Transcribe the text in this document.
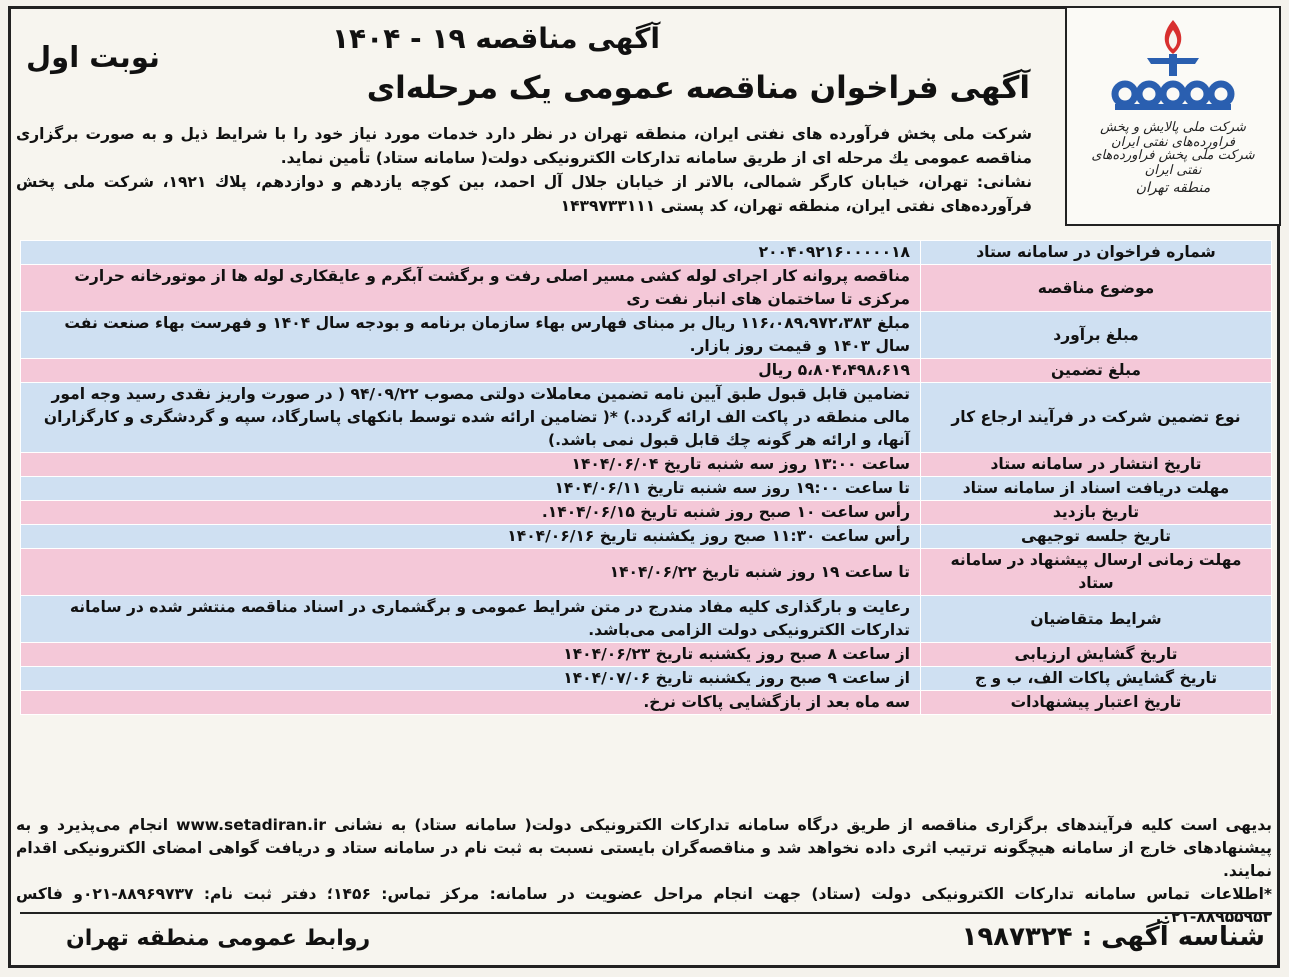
شرکت ملی پالایش و پخش فراورده‌های نفتی ایران
شرکت ملی پخش فراورده‌های نفتی ایران
منطقه تهران
آگهی مناقصه ۱۹ - ۱۴۰۴
آگهی فراخوان مناقصه عمومی یک مرحله‌ای
نوبت اول
شرکت ملی پخش فرآورده های نفتی ایران، منطقه تهران در نظر دارد خدمات مورد نیاز خود را با شرایط ذیل و به صورت برگزاری مناقصه عمومی يك مرحله ای از طریق سامانه تدارکات الکترونیکی دولت( سامانه ستاد) تأمین نماید.
نشانی: تهران، خیابان کارگر شمالی، بالاتر از خیابان جلال آل احمد، بین کوچه یازدهم و دوازدهم، پلاك ۱۹۲۱، شرکت ملی پخش فرآورده‌های نفتی ایران، منطقه تهران، کد پستی ۱۴۳۹۷۳۳۱۱۱
شماره فراخوان در سامانه ستاد	۲۰۰۴۰۹۲۱۶۰۰۰۰۰۱۸
موضوع مناقصه	مناقصه پروانه کار اجرای لوله کشی مسیر اصلی رفت و برگشت آبگرم و عایقکاری لوله ها از موتورخانه حرارت مرکزی تا ساختمان های انبار نفت ری
مبلغ برآورد	مبلغ ۱۱۶،۰۸۹،۹۷۲،۳۸۳ ریال بر مبنای فهارس بهاء سازمان برنامه و بودجه سال ۱۴۰۴ و فهرست بهاء صنعت نفت سال ۱۴۰۳ و قیمت روز بازار.
مبلغ تضمین	۵،۸۰۴،۴۹۸،۶۱۹ ریال
نوع تضمین شرکت در فرآیند ارجاع کار	تضامین قابل قبول طبق آیین نامه تضمین معاملات دولتی مصوب ۹۴/۰۹/۲۲ ( در صورت واریز نقدی رسید وجه امور مالی منطقه در پاکت الف ارائه گردد.) *( تضامین ارائه شده توسط بانکهای پاسارگاد، سپه و گردشگری و کارگزاران آنها، و ارائه هر گونه چك قابل قبول نمی باشد.)
تاریخ انتشار در سامانه ستاد	ساعت ۱۳:۰۰ روز سه شنبه تاریخ ۱۴۰۴/۰۶/۰۴
مهلت دریافت اسناد از سامانه ستاد	تا ساعت ۱۹:۰۰ روز سه شنبه تاریخ ۱۴۰۴/۰۶/۱۱
تاریخ بازدید	رأس ساعت ۱۰ صبح روز شنبه تاریخ ۱۴۰۴/۰۶/۱۵.
تاریخ جلسه توجیهی	رأس ساعت ۱۱:۳۰ صبح روز یکشنبه تاریخ ۱۴۰۴/۰۶/۱۶
مهلت زمانی ارسال پیشنهاد در سامانه ستاد	تا ساعت ۱۹ روز شنبه تاریخ ۱۴۰۴/۰۶/۲۲
شرایط متقاضیان	رعایت و بارگذاری کلیه مفاد مندرج در متن شرایط عمومی و برگشماری در اسناد مناقصه منتشر شده در سامانه تدارکات الکترونیکی دولت الزامی می‌باشد.
تاریخ گشایش ارزیابی	از ساعت ۸ صبح روز یکشنبه تاریخ ۱۴۰۴/۰۶/۲۳
تاریخ گشایش پاکات الف، ب و ج	از ساعت ۹ صبح روز یکشنبه تاریخ ۱۴۰۴/۰۷/۰۶
تاریخ اعتبار پیشنهادات	سه ماه بعد از بازگشایی پاکات نرخ.
بدیهی است کلیه فرآیندهای برگزاری مناقصه از طریق درگاه سامانه تدارکات الکترونیکی دولت( سامانه ستاد) به نشانی www.setadiran.ir انجام می‌پذیرد و به پیشنهادهای خارج از سامانه هیچگونه ترتیب اثری داده نخواهد شد و مناقصه‌گران بایستی نسبت به ثبت نام در سامانه ستاد و دریافت گواهی امضای الکترونیکی اقدام نمایند.
*اطلاعات تماس سامانه تدارکات الکترونیکی دولت (ستاد) جهت انجام مراحل عضویت در سامانه: مرکز تماس: ۱۴۵۶؛ دفتر ثبت نام: ۸۸۹۶۹۷۳۷-۰۲۱و فاکس ۸۸۹۵۵۹۵۳-۰۲۱.
شناسه آگهی : ۱۹۸۷۳۲۴
روابط عمومی منطقه تهران
